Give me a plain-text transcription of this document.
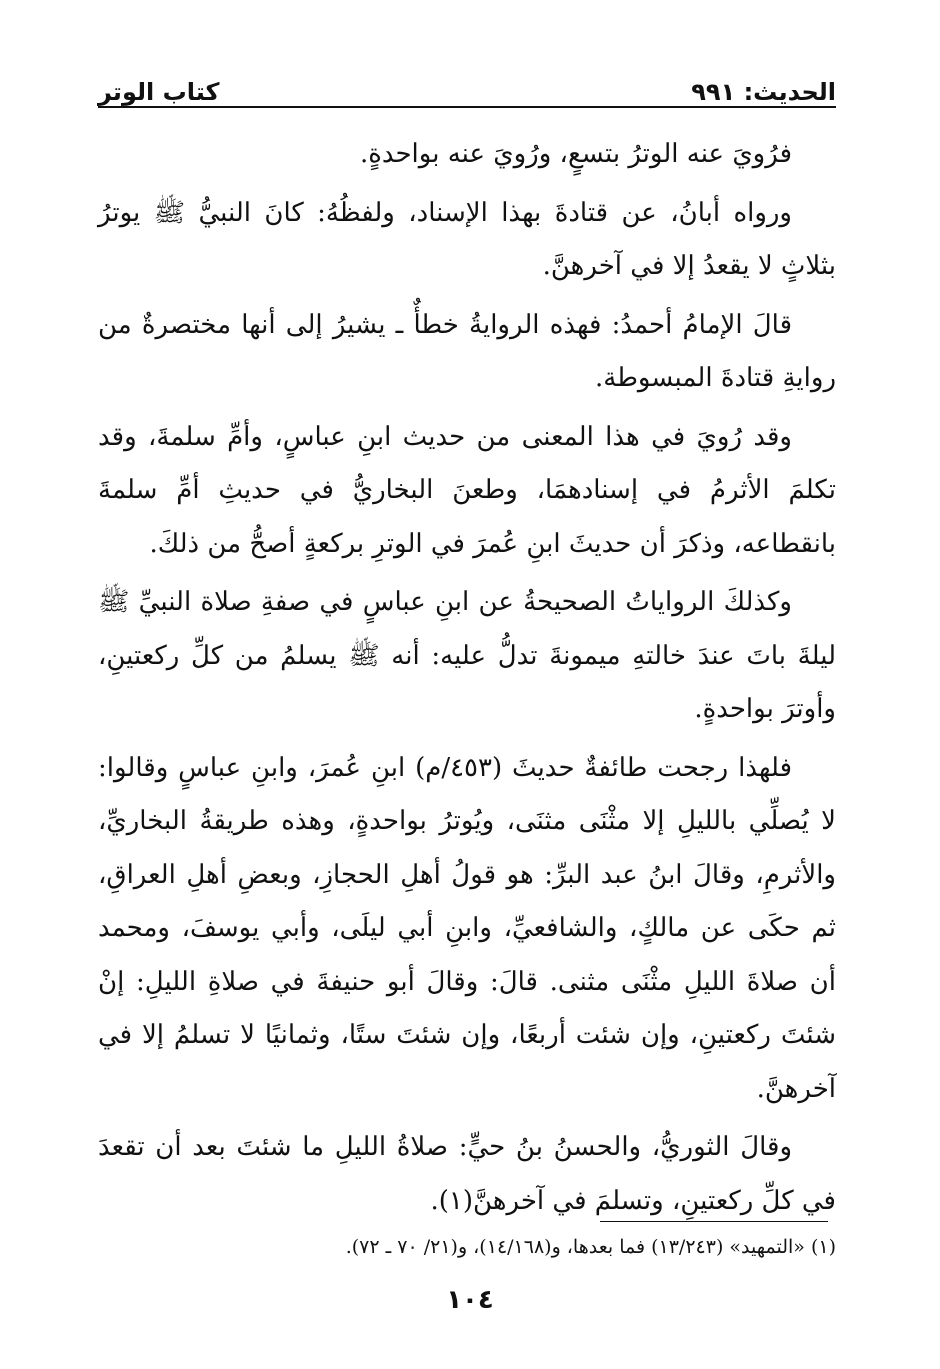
الحديث: ٩٩١
كتاب الوتر

فرُويَ عنه الوترُ بتسعٍ، ورُويَ عنه بواحدةٍ.

ورواه أبانُ، عن قتادةَ بهذا الإسناد، ولفظُهُ: كانَ النبيُّ ﷺ يوترُ بثلاثٍ لا يقعدُ إلا في آخرهنَّ.

قالَ الإمامُ أحمدُ: فهذه الروايةُ خطأٌ ـ يشيرُ إلى أنها مختصرةٌ من روايةِ قتادةَ المبسوطة.

وقد رُويَ في هذا المعنى من حديث ابنِ عباسٍ، وأمِّ سلمةَ، وقد تكلمَ الأثرمُ في إسنادهمَا، وطعنَ البخاريُّ في حديثِ أمِّ سلمةَ بانقطاعه، وذكرَ أن حديثَ ابنِ عُمرَ في الوترِ بركعةٍ أصحُّ من ذلكَ.

وكذلكَ الرواياتُ الصحيحةُ عن ابنِ عباسٍ في صفةِ صلاة النبيِّ ﷺ ليلةَ باتَ عندَ خالتهِ ميمونةَ تدلُّ عليه: أنه ﷺ يسلمُ من كلِّ ركعتينِ، وأوترَ بواحدةٍ.

فلهذا رجحت طائفةٌ حديثَ (٤٥٣/م) ابنِ عُمرَ، وابنِ عباسٍ وقالوا: لا يُصلِّي بالليلِ إلا مثْنَى مثنَى، ويُوترُ بواحدةٍ، وهذه طريقةُ البخاريِّ، والأثرمِ، وقالَ ابنُ عبد البرِّ: هو قولُ أهلِ الحجازِ، وبعضِ أهلِ العراقِ، ثم حكَى عن مالكٍ، والشافعيِّ، وابنِ أبي ليلَى، وأبي يوسفَ، ومحمد أن صلاةَ الليلِ مثْنَى مثنى. قالَ: وقالَ أبو حنيفةَ في صلاةِ الليلِ: إنْ شئتَ ركعتينِ، وإن شئت أربعًا، وإن شئتَ ستًا، وثمانيًا لا تسلمُ إلا في آخرهنَّ.

وقالَ الثوريُّ، والحسنُ بنُ حيٍّ: صلاةُ الليلِ ما شئتَ بعد أن تقعدَ في كلِّ ركعتينِ، وتسلمَ في آخرهنَّ(١).

(١) «التمهيد» (١٣/٢٤٣) فما بعدها، و(١٤/١٦٨)، و(٢١/ ٧٠ ـ ٧٢).
١٠٤
